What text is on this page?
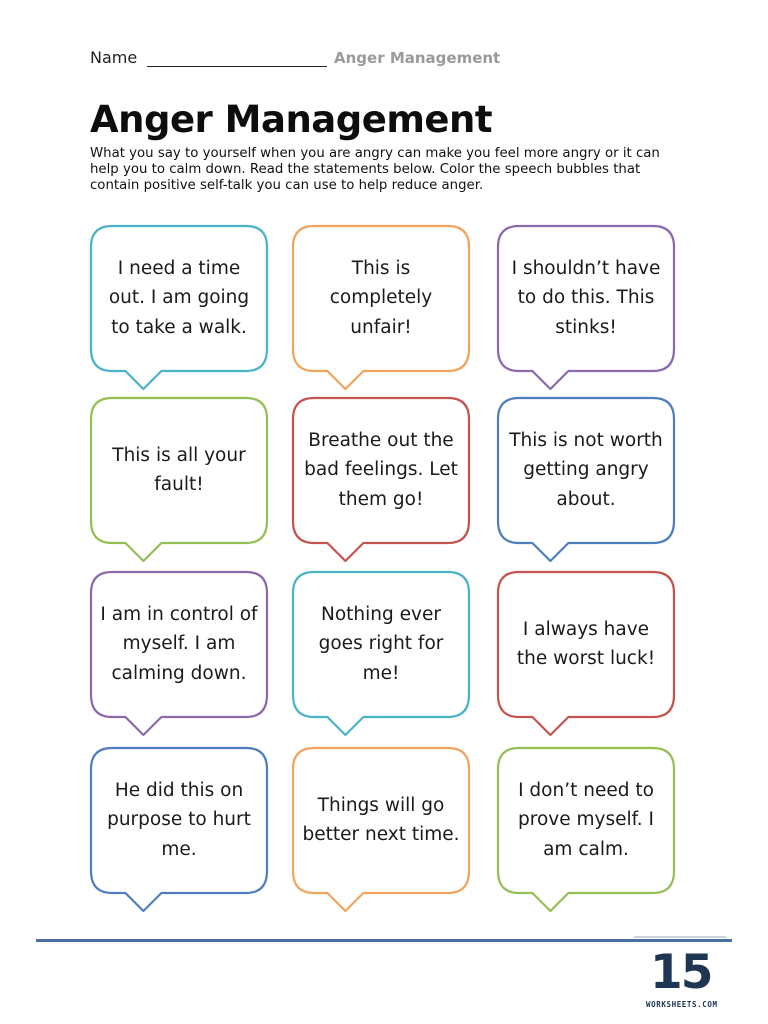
Name	Anger Management
Anger Management

What you say to yourself when you are angry can make you feel more angry or it can help you to calm down. Read the statements below. Color the speech bubbles that contain positive self-talk you can use to help reduce anger.

I need a time out. I am going to take a walk.
This is completely unfair!
I shouldn’t have to do this. This stinks!
This is all your fault!
Breathe out the bad feelings. Let them go!
This is not worth getting angry about.
I am in control of myself. I am calming down.
Nothing ever goes right for me!
I always have the worst luck!
He did this on purpose to hurt me.
Things will go better next time.
I don’t need to prove myself. I am calm.
15
WORKSHEETS.COM
